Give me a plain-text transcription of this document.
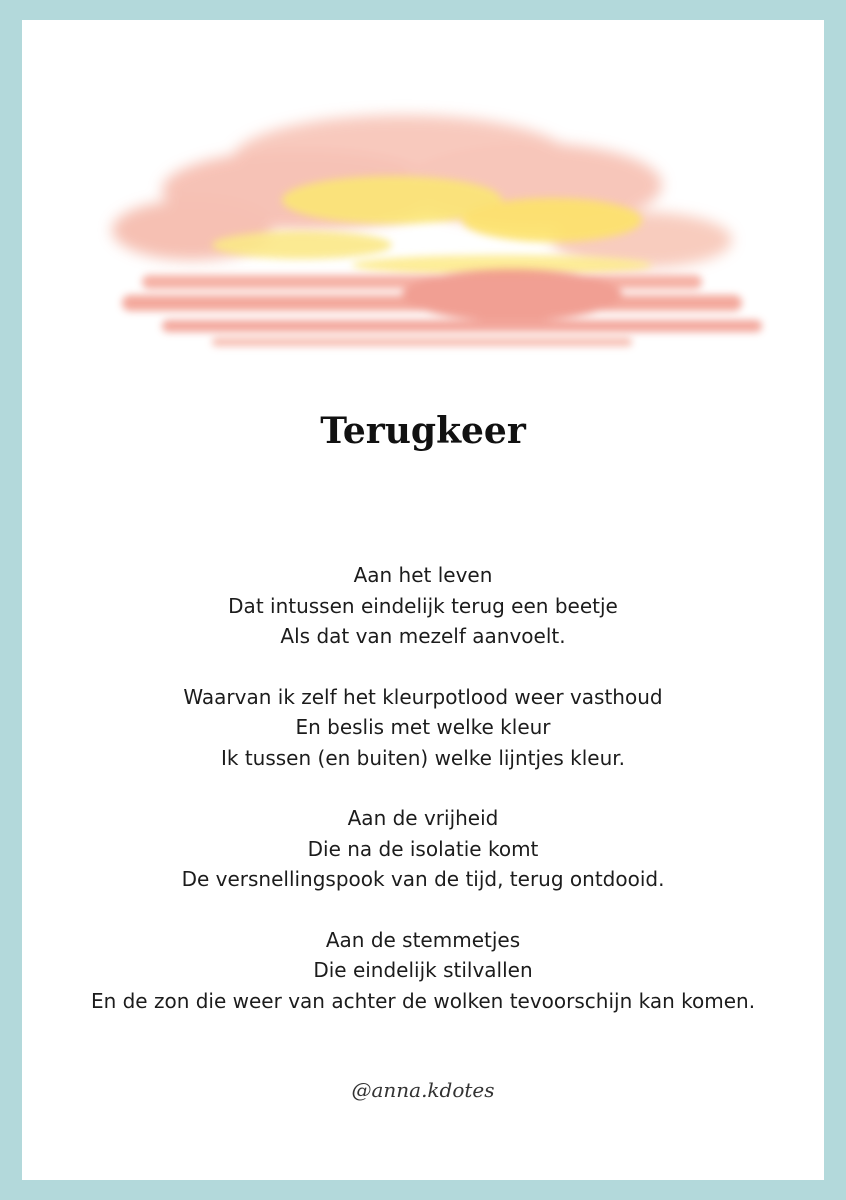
Terugkeer
Aan het leven
Dat intussen eindelijk terug een beetje
Als dat van mezelf aanvoelt.
Waarvan ik zelf het kleurpotlood weer vasthoud
En beslis met welke kleur
Ik tussen (en buiten) welke lijntjes kleur.
Aan de vrijheid
Die na de isolatie komt
De versnellingspook van de tijd, terug ontdooid.
Aan de stemmetjes
Die eindelijk stilvallen
En de zon die weer van achter de wolken tevoorschijn kan komen.
@anna.kdotes
